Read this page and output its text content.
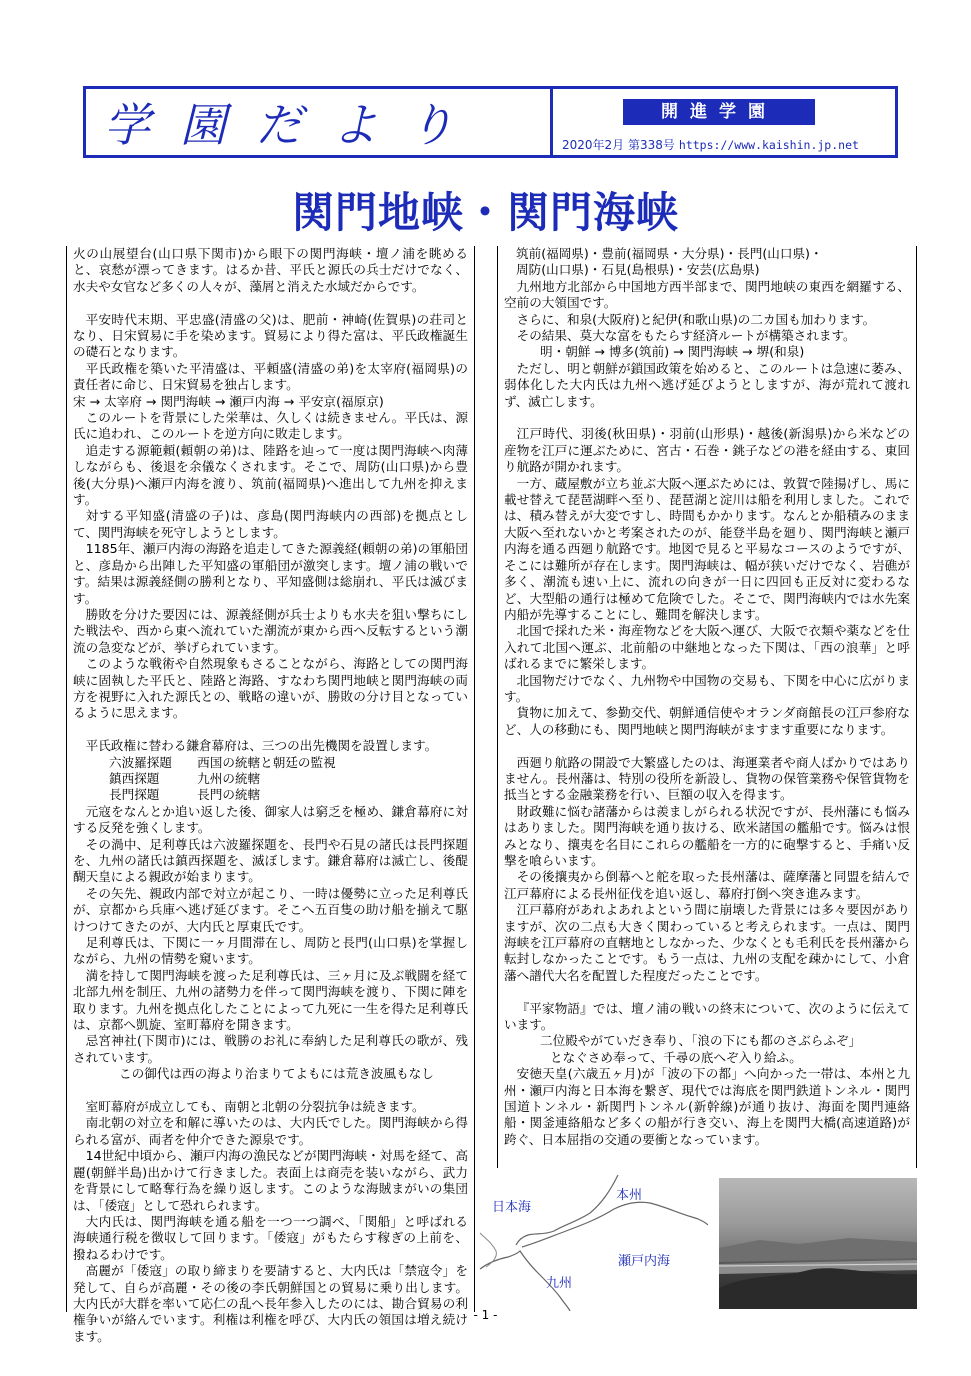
学園だより	開進学園
2020年2月 第338号 https://www.kaishin.jp.net
関門地峡・関門海峡

火の山展望台(山口県下関市)から眼下の関門海峡・壇ノ浦を眺めると、哀愁が漂ってきます。はるか昔、平氏と源氏の兵士だけでなく、水夫や女官など多くの人々が、藻屑と消えた水域だからです。

平安時代末期、平忠盛(清盛の父)は、肥前・神崎(佐賀県)の荘司となり、日宋貿易に手を染めます。貿易により得た富は、平氏政権誕生の礎石となります。

平氏政権を築いた平清盛は、平頼盛(清盛の弟)を太宰府(福岡県)の責任者に命じ、日宋貿易を独占します。

宋 → 太宰府 → 関門海峡 → 瀬戸内海 → 平安京(福原京)

このルートを背景にした栄華は、久しくは続きません。平氏は、源氏に追われ、このルートを逆方向に敗走します。

追走する源範頼(頼朝の弟)は、陸路を辿って一度は関門海峡へ肉薄しながらも、後退を余儀なくされます。そこで、周防(山口県)から豊後(大分県)へ瀬戸内海を渡り、筑前(福岡県)へ進出して九州を抑えます。

対する平知盛(清盛の子)は、彦島(関門海峡内の西部)を拠点として、関門海峡を死守しようとします。

1185年、瀬戸内海の海路を追走してきた源義経(頼朝の弟)の軍船団と、彦島から出陣した平知盛の軍船団が激突します。壇ノ浦の戦いです。結果は源義経側の勝利となり、平知盛側は総崩れ、平氏は滅びます。

勝敗を分けた要因には、源義経側が兵士よりも水夫を狙い撃ちにした戦法や、西から東へ流れていた潮流が東から西へ反転するという潮流の急変などが、挙げられています。

このような戦術や自然現象もさることながら、海路としての関門海峡に固執した平氏と、陸路と海路、すなわち関門地峡と関門海峡の両方を視野に入れた源氏との、戦略の違いが、勝敗の分け目となっているように思えます。

平氏政権に替わる鎌倉幕府は、三つの出先機関を設置します。

六波羅探題　　西国の統轄と朝廷の監視

鎮西探題　　　九州の統轄

長門探題　　　長門の統轄

元寇をなんとか追い返した後、御家人は窮乏を極め、鎌倉幕府に対する反発を強くします。

その渦中、足利尊氏は六波羅探題を、長門や石見の諸氏は長門探題を、九州の諸氏は鎮西探題を、滅ぼします。鎌倉幕府は滅亡し、後醍醐天皇による親政が始まります。

その矢先、親政内部で対立が起こり、一時は優勢に立った足利尊氏が、京都から兵庫へ逃げ延びます。そこへ五百隻の助け船を揃えて駆けつけてきたのが、大内氏と厚東氏です。

足利尊氏は、下関に一ヶ月間滞在し、周防と長門(山口県)を掌握しながら、九州の情勢を窺います。

満を持して関門海峡を渡った足利尊氏は、三ヶ月に及ぶ戦闘を経て北部九州を制圧、九州の諸勢力を伴って関門海峡を渡り、下関に陣を取ります。九州を拠点化したことによって九死に一生を得た足利尊氏は、京都へ凱旋、室町幕府を開きます。

忌宮神社(下関市)には、戦勝のお礼に奉納した足利尊氏の歌が、残されています。

この御代は西の海より治まりてよもには荒き波風もなし

室町幕府が成立しても、南朝と北朝の分裂抗争は続きます。

南北朝の対立を和解に導いたのは、大内氏でした。関門海峡から得られる富が、両者を仲介できた源泉です。

14世紀中頃から、瀬戸内海の漁民などが関門海峡・対馬を経て、高麗(朝鮮半島)出かけて行きました。表面上は商売を装いながら、武力を背景にして略奪行為を繰り返します。このような海賊まがいの集団は、「倭寇」として恐れられます。

大内氏は、関門海峡を通る船を一つ一つ調べ、「関船」と呼ばれる海峡通行税を徴収して回ります。「倭寇」がもたらす稼ぎの上前を、撥ねるわけです。

高麗が「倭寇」の取り締まりを要請すると、大内氏は「禁寇令」を発して、自らが高麗・その後の李氏朝鮮国との貿易に乗り出します。大内氏が大群を率いて応仁の乱へ長年参入したのには、勘合貿易の利権争いが絡んでいます。利権は利権を呼び、大内氏の領国は増え続けます。

筑前(福岡県)・豊前(福岡県・大分県)・長門(山口県)・

周防(山口県)・石見(島根県)・安芸(広島県)

九州地方北部から中国地方西半部まで、関門地峡の東西を網羅する、空前の大領国です。

さらに、和泉(大阪府)と紀伊(和歌山県)の二カ国も加わります。

その結果、莫大な富をもたらす経済ルートが構築されます。

明・朝鮮 → 博多(筑前) → 関門海峡 → 堺(和泉)

ただし、明と朝鮮が鎖国政策を始めると、このルートは急速に萎み、弱体化した大内氏は九州へ逃げ延びようとしますが、海が荒れて渡れず、滅亡します。

江戸時代、羽後(秋田県)・羽前(山形県)・越後(新潟県)から米などの産物を江戸に運ぶために、宮古・石巻・銚子などの港を経由する、東回り航路が開かれます。

一方、蔵屋敷が立ち並ぶ大阪へ運ぶためには、敦賀で陸揚げし、馬に載せ替えて琵琶湖畔へ至り、琵琶湖と淀川は船を利用しました。これでは、積み替えが大変ですし、時間もかかります。なんとか船積みのまま大阪へ至れないかと考案されたのが、能登半島を廻り、関門海峡と瀬戸内海を通る西廻り航路です。地図で見ると平易なコースのようですが、そこには難所が存在します。関門海峡は、幅が狭いだけでなく、岩礁が多く、潮流も速い上に、流れの向きが一日に四回も正反対に変わるなど、大型船の通行は極めて危険でした。そこで、関門海峡内では水先案内船が先導することにし、難問を解決します。

北国で採れた米・海産物などを大阪へ運び、大阪で衣類や薬などを仕入れて北国へ運ぶ、北前船の中継地となった下関は、「西の浪華」と呼ばれるまでに繁栄します。

北国物だけでなく、九州物や中国物の交易も、下関を中心に広がります。

貨物に加えて、参勤交代、朝鮮通信使やオランダ商館長の江戸参府など、人の移動にも、関門地峡と関門海峡がますます重要になります。

西廻り航路の開設で大繁盛したのは、海運業者や商人ばかりではありません。長州藩は、特別の役所を新設し、貨物の保管業務や保管貨物を抵当とする金融業務を行い、巨額の収入を得ます。

財政難に悩む諸藩からは羨ましがられる状況ですが、長州藩にも悩みはありました。関門海峡を通り抜ける、欧米諸国の艦船です。悩みは恨みとなり、攘夷を名目にこれらの艦船を一方的に砲撃すると、手痛い反撃を喰らいます。

その後攘夷から倒幕へと舵を取った長州藩は、薩摩藩と同盟を結んで江戸幕府による長州征伐を追い返し、幕府打倒へ突き進みます。

江戸幕府があれよあれよという間に崩壊した背景には多々要因がありますが、次の二点も大きく関わっていると考えられます。一点は、関門海峡を江戸幕府の直轄地としなかった、少なくとも毛利氏を長州藩から転封しなかったことです。もう一点は、九州の支配を疎かにして、小倉藩へ譜代大名を配置した程度だったことです。

『平家物語』では、壇ノ浦の戦いの終末について、次のように伝えています。

二位殿やがていだき奉り、「浪の下にも都のさぶらふぞ」

となぐさめ奉って、千尋の底へぞ入り給ふ。

安徳天皇(六歳五ヶ月)が「波の下の都」へ向かった一帯は、本州と九州・瀬戸内海と日本海を繋ぎ、現代では海底を関門鉄道トンネル・関門国道トンネル・新関門トンネル(新幹線)が通り抜け、海面を関門連絡船・関釜連絡船など多くの船が行き交い、海上を関門大橋(高速道路)が跨ぐ、日本屈指の交通の要衝となっています。

日本海
本州
瀬戸内海
九州
- 1 -
